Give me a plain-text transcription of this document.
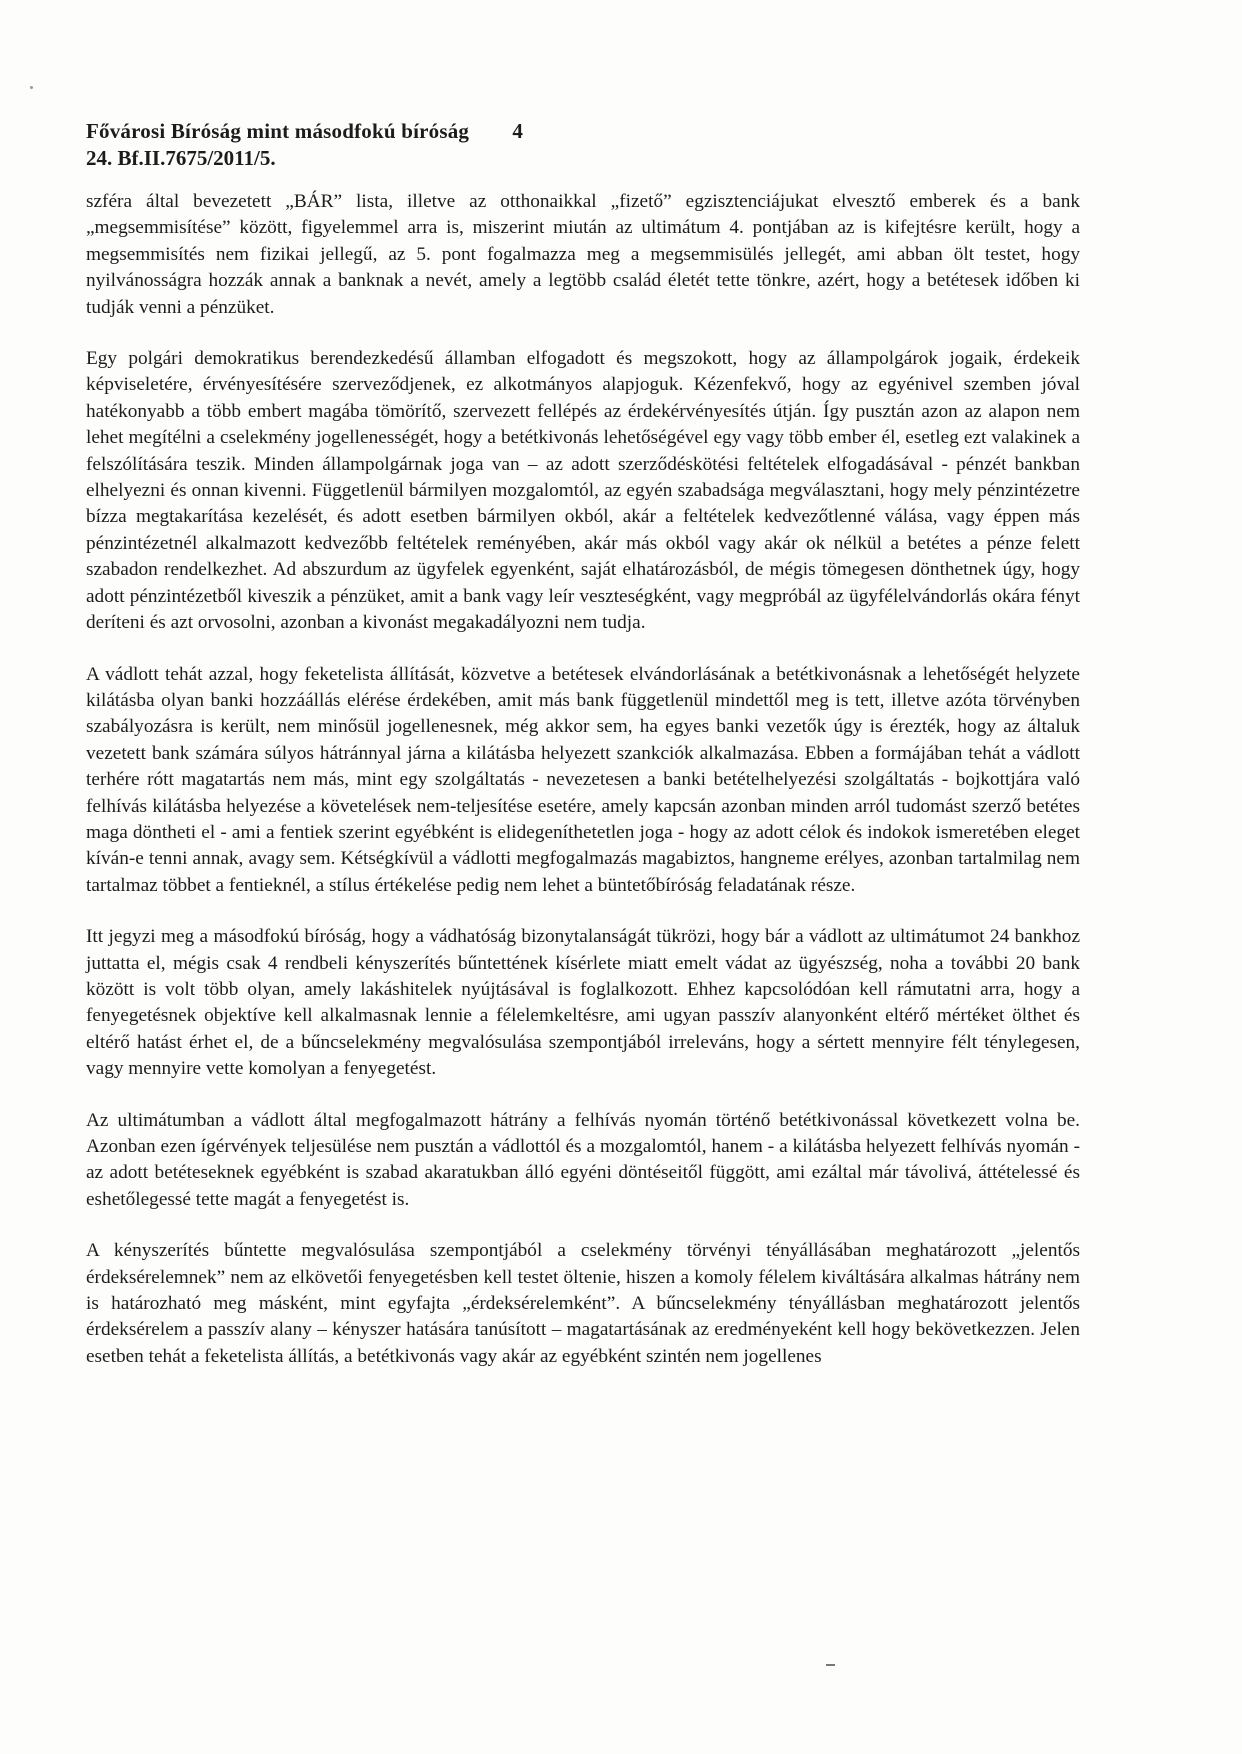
Fővárosi Bíróság mint másodfokú bíróság 4
24. Bf.II.7675/2011/5.

szféra által bevezetett „BÁR” lista, illetve az otthonaikkal „fizető” egzisztenciájukat elvesztő emberek és a bank „megsemmisítése” között, figyelemmel arra is, miszerint miután az ultimátum 4. pontjában az is kifejtésre került, hogy a megsemmisítés nem fizikai jellegű, az 5. pont fogalmazza meg a megsemmisülés jellegét, ami abban ölt testet, hogy nyilvánosságra hozzák annak a banknak a nevét, amely a legtöbb család életét tette tönkre, azért, hogy a betétesek időben ki tudják venni a pénzüket.

Egy polgári demokratikus berendezkedésű államban elfogadott és megszokott, hogy az állampolgárok jogaik, érdekeik képviseletére, érvényesítésére szerveződjenek, ez alkotmányos alapjoguk. Kézenfekvő, hogy az egyénivel szemben jóval hatékonyabb a több embert magába tömörítő, szervezett fellépés az érdekérvényesítés útján. Így pusztán azon az alapon nem lehet megítélni a cselekmény jogellenességét, hogy a betétkivonás lehetőségével egy vagy több ember él, esetleg ezt valakinek a felszólítására teszik. Minden állampolgárnak joga van – az adott szerződéskötési feltételek elfogadásával - pénzét bankban elhelyezni és onnan kivenni. Függetlenül bármilyen mozgalomtól, az egyén szabadsága megválasztani, hogy mely pénzintézetre bízza megtakarítása kezelését, és adott esetben bármilyen okból, akár a feltételek kedvezőtlenné válása, vagy éppen más pénzintézetnél alkalmazott kedvezőbb feltételek reményében, akár más okból vagy akár ok nélkül a betétes a pénze felett szabadon rendelkezhet. Ad abszurdum az ügyfelek egyenként, saját elhatározásból, de mégis tömegesen dönthetnek úgy, hogy adott pénzintézetből kiveszik a pénzüket, amit a bank vagy leír veszteségként, vagy megpróbál az ügyfélelvándorlás okára fényt deríteni és azt orvosolni, azonban a kivonást megakadályozni nem tudja.

A vádlott tehát azzal, hogy feketelista állítását, közvetve a betétesek elvándorlásának a betétkivonásnak a lehetőségét helyzete kilátásba olyan banki hozzáállás elérése érdekében, amit más bank függetlenül mindettől meg is tett, illetve azóta törvényben szabályozásra is került, nem minősül jogellenesnek, még akkor sem, ha egyes banki vezetők úgy is érezték, hogy az általuk vezetett bank számára súlyos hátránnyal járna a kilátásba helyezett szankciók alkalmazása. Ebben a formájában tehát a vádlott terhére rótt magatartás nem más, mint egy szolgáltatás - nevezetesen a banki betételhelyezési szolgáltatás - bojkottjára való felhívás kilátásba helyezése a követelések nem-teljesítése esetére, amely kapcsán azonban minden arról tudomást szerző betétes maga döntheti el - ami a fentiek szerint egyébként is elidegeníthetetlen joga - hogy az adott célok és indokok ismeretében eleget kíván-e tenni annak, avagy sem. Kétségkívül a vádlotti megfogalmazás magabiztos, hangneme erélyes, azonban tartalmilag nem tartalmaz többet a fentieknél, a stílus értékelése pedig nem lehet a büntetőbíróság feladatának része.

Itt jegyzi meg a másodfokú bíróság, hogy a vádhatóság bizonytalanságát tükrözi, hogy bár a vádlott az ultimátumot 24 bankhoz juttatta el, mégis csak 4 rendbeli kényszerítés bűntettének kísérlete miatt emelt vádat az ügyészség, noha a további 20 bank között is volt több olyan, amely lakáshitelek nyújtásával is foglalkozott. Ehhez kapcsolódóan kell rámutatni arra, hogy a fenyegetésnek objektíve kell alkalmasnak lennie a félelemkeltésre, ami ugyan passzív alanyonként eltérő mértéket ölthet és eltérő hatást érhet el, de a bűncselekmény megvalósulása szempontjából irreleváns, hogy a sértett mennyire félt ténylegesen, vagy mennyire vette komolyan a fenyegetést.

Az ultimátumban a vádlott által megfogalmazott hátrány a felhívás nyomán történő betétkivonással következett volna be. Azonban ezen ígérvények teljesülése nem pusztán a vádlottól és a mozgalomtól, hanem - a kilátásba helyezett felhívás nyomán - az adott betéteseknek egyébként is szabad akaratukban álló egyéni döntéseitől függött, ami ezáltal már távolivá, áttételessé és eshetőlegessé tette magát a fenyegetést is.

A kényszerítés bűntette megvalósulása szempontjából a cselekmény törvényi tényállásában meghatározott „jelentős érdeksérelemnek” nem az elkövetői fenyegetésben kell testet öltenie, hiszen a komoly félelem kiváltására alkalmas hátrány nem is határozható meg másként, mint egyfajta „érdeksérelemként”. A bűncselekmény tényállásban meghatározott jelentős érdeksérelem a passzív alany – kényszer hatására tanúsított – magatartásának az eredményeként kell hogy bekövetkezzen. Jelen esetben tehát a feketelista állítás, a betétkivonás vagy akár az egyébként szintén nem jogellenes
